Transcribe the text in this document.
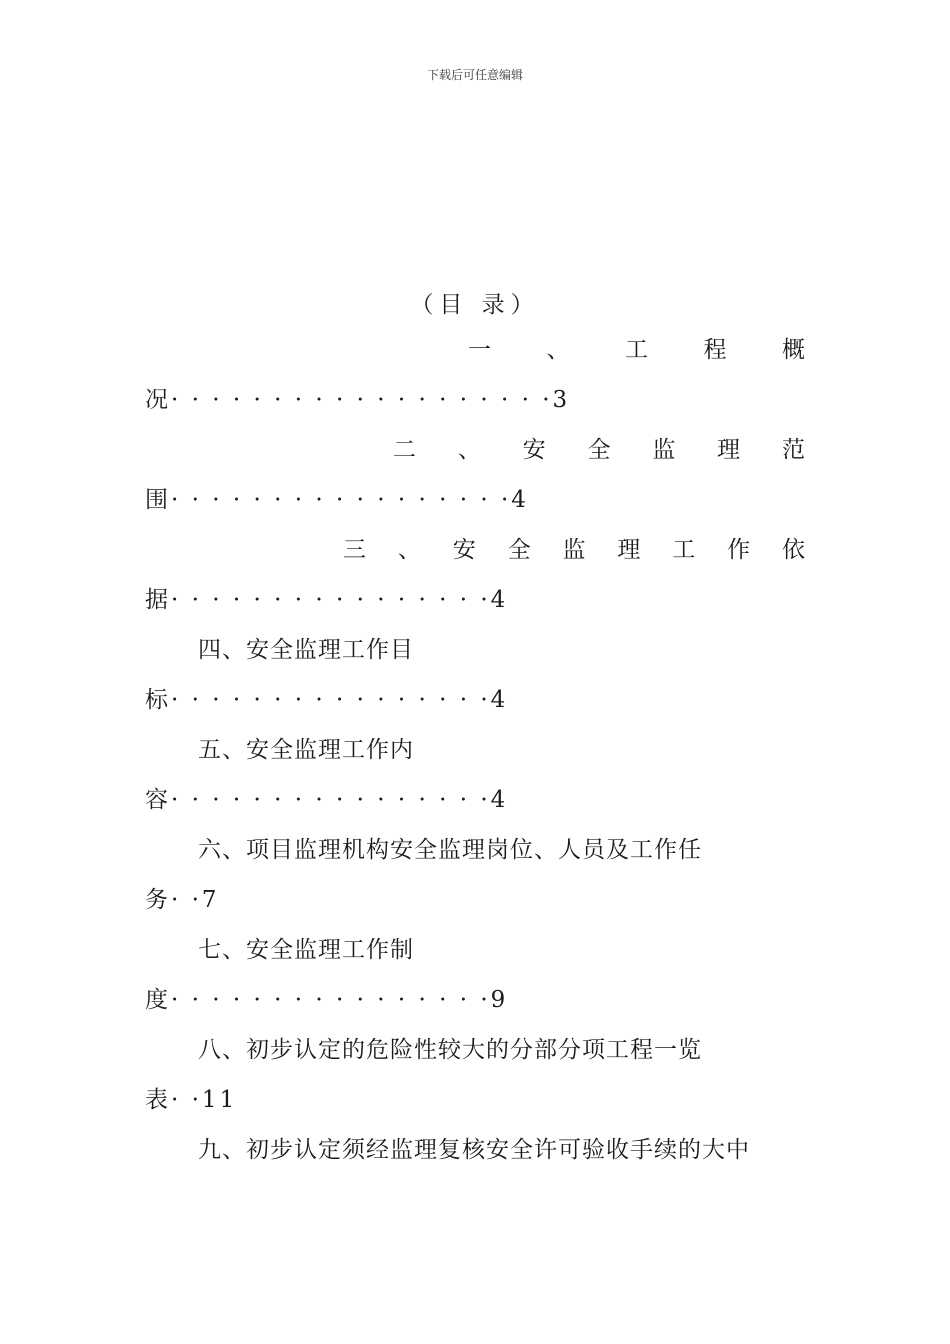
下载后可任意编辑
（目 录）
一 、 工 程 概
况· · · · · · · · · · · · · · · · · · ·3
二 、 安 全 监 理 范
围· · · · · · · · · · · · · · · · ·4
三 、 安 全 监 理 工 作 依
据· · · · · · · · · · · · · · · ·4
四、安全监理工作目
标· · · · · · · · · · · · · · · ·4
五、安全监理工作内
容· · · · · · · · · · · · · · · ·4
六、项目监理机构安全监理岗位、人员及工作任
务· ·7
七、安全监理工作制
度· · · · · · · · · · · · · · · ·9
八、初步认定的危险性较大的分部分项工程一览
表· ·11
九、初步认定须经监理复核安全许可验收手续的大中
